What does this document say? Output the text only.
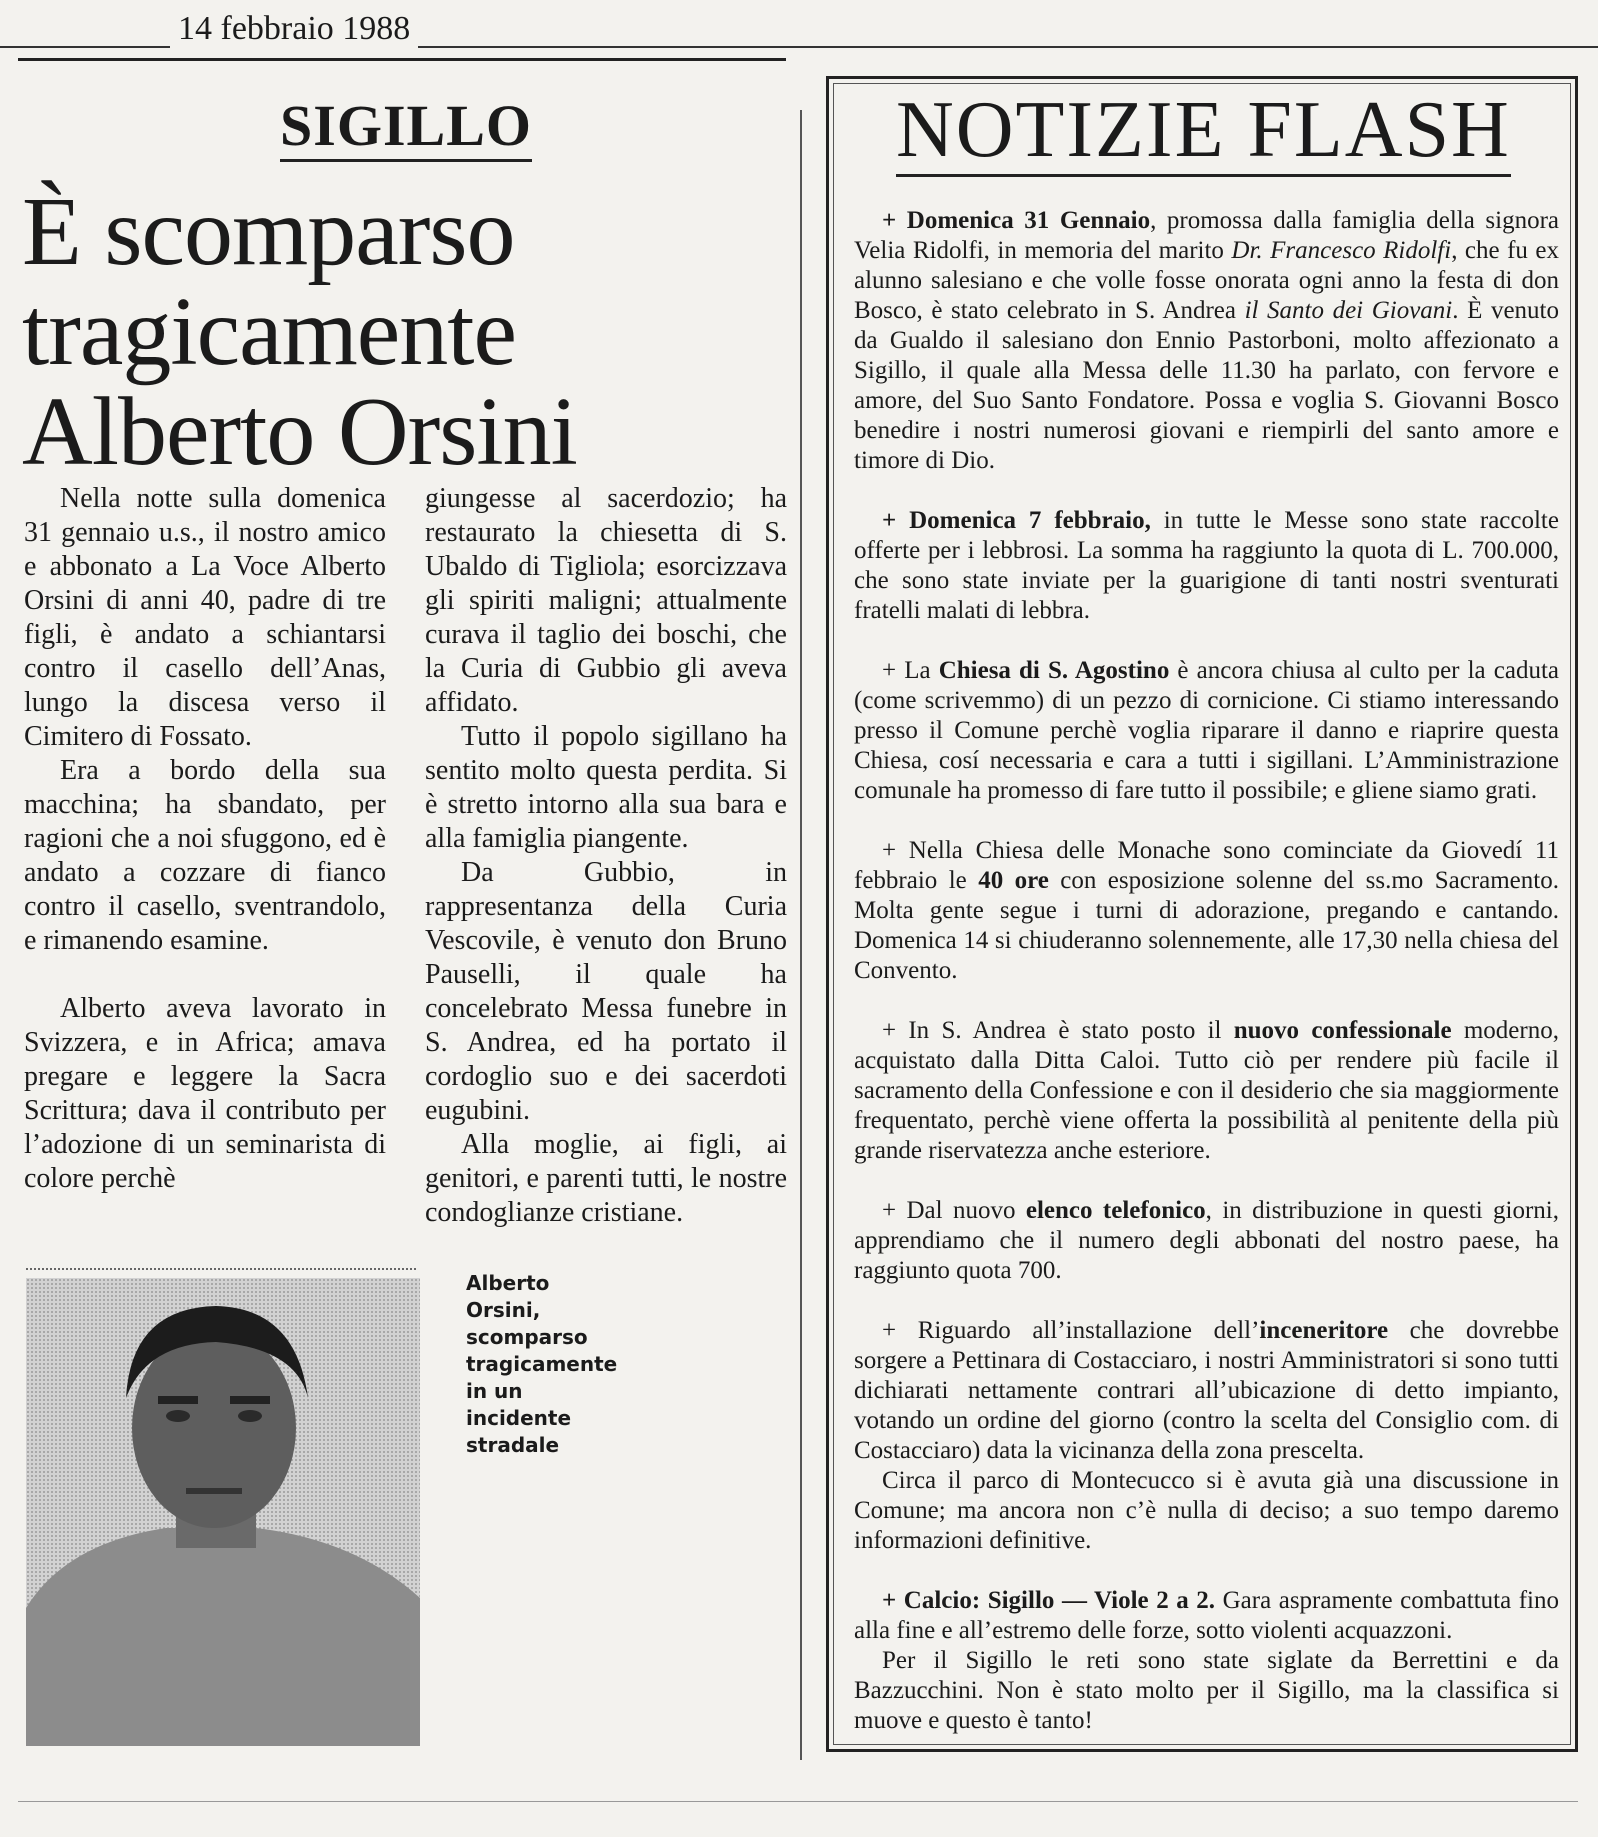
14 febbraio 1988
SIGILLO
È scomparso
tragicamente
Alberto Orsini

Nella notte sulla domenica 31 gennaio u.s., il nostro amico e abbonato a La Voce Alberto Orsini di anni 40, padre di tre figli, è andato a schiantarsi contro il casello dell’Anas, lungo la discesa verso il Cimitero di Fossato.

Era a bordo della sua macchina; ha sbandato, per ragioni che a noi sfuggono, ed è andato a cozzare di fianco contro il casello, sventrandolo, e rimanendo esamine.

Alberto aveva lavorato in Svizzera, e in Africa; amava pregare e leggere la Sacra Scrittura; dava il contributo per l’adozione di un seminarista di colore perchè

giungesse al sacerdozio; ha restaurato la chiesetta di S. Ubaldo di Tigliola; esorcizzava gli spiriti maligni; attualmente curava il taglio dei boschi, che la Curia di Gubbio gli aveva affidato.

Tutto il popolo sigillano ha sentito molto questa perdita. Si è stretto intorno alla sua bara e alla famiglia piangente.

Da Gubbio, in rappresentanza della Curia Vescovile, è venuto don Bruno Pauselli, il quale ha concelebrato Messa funebre in S. Andrea, ed ha portato il cordoglio suo e dei sacerdoti eugubini.

Alla moglie, ai figli, ai genitori, e parenti tutti, le nostre condoglianze cristiane.

Alberto
Orsini,
scomparso
tragicamente
in un
incidente
stradale
NOTIZIE FLASH

+ Domenica 31 Gennaio, promossa dalla famiglia della signora Velia Ridolfi, in memoria del marito Dr. Francesco Ridolfi, che fu ex alunno salesiano e che volle fosse onorata ogni anno la festa di don Bosco, è stato celebrato in S. Andrea il Santo dei Giovani. È venuto da Gualdo il salesiano don Ennio Pastorboni, molto affezionato a Sigillo, il quale alla Messa delle 11.30 ha parlato, con fervore e amore, del Suo Santo Fondatore. Possa e voglia S. Giovanni Bosco benedire i nostri numerosi giovani e riempirli del santo amore e timore di Dio.

+ Domenica 7 febbraio, in tutte le Messe sono state raccolte offerte per i lebbrosi. La somma ha raggiunto la quota di L. 700.000, che sono state inviate per la guarigione di tanti nostri sventurati fratelli malati di lebbra.

+ La Chiesa di S. Agostino è ancora chiusa al culto per la caduta (come scrivemmo) di un pezzo di cornicione. Ci stiamo interessando presso il Comune perchè voglia riparare il danno e riaprire questa Chiesa, cosí necessaria e cara a tutti i sigillani. L’Amministrazione comunale ha promesso di fare tutto il possibile; e gliene siamo grati.

+ Nella Chiesa delle Monache sono cominciate da Giovedí 11 febbraio le 40 ore con esposizione solenne del ss.mo Sacramento. Molta gente segue i turni di adorazione, pregando e cantando. Domenica 14 si chiuderanno solennemente, alle 17,30 nella chiesa del Convento.

+ In S. Andrea è stato posto il nuovo confessionale moderno, acquistato dalla Ditta Caloi. Tutto ciò per rendere più facile il sacramento della Confessione e con il desiderio che sia maggiormente frequentato, perchè viene offerta la possibilità al penitente della più grande riservatezza anche esteriore.

+ Dal nuovo elenco telefonico, in distribuzione in questi giorni, apprendiamo che il numero degli abbonati del nostro paese, ha raggiunto quota 700.

+ Riguardo all’installazione dell’inceneritore che dovrebbe sorgere a Pettinara di Costacciaro, i nostri Amministratori si sono tutti dichiarati nettamente contrari all’ubicazione di detto impianto, votando un ordine del giorno (contro la scelta del Consiglio com. di Costacciaro) data la vicinanza della zona prescelta.

Circa il parco di Montecucco si è avuta già una discussione in Comune; ma ancora non c’è nulla di deciso; a suo tempo daremo informazioni definitive.

+ Calcio: Sigillo — Viole 2 a 2. Gara aspramente combattuta fino alla fine e all’estremo delle forze, sotto violenti acquazzoni.

Per il Sigillo le reti sono state siglate da Berrettini e da Bazzucchini. Non è stato molto per il Sigillo, ma la classifica si muove e questo è tanto!
